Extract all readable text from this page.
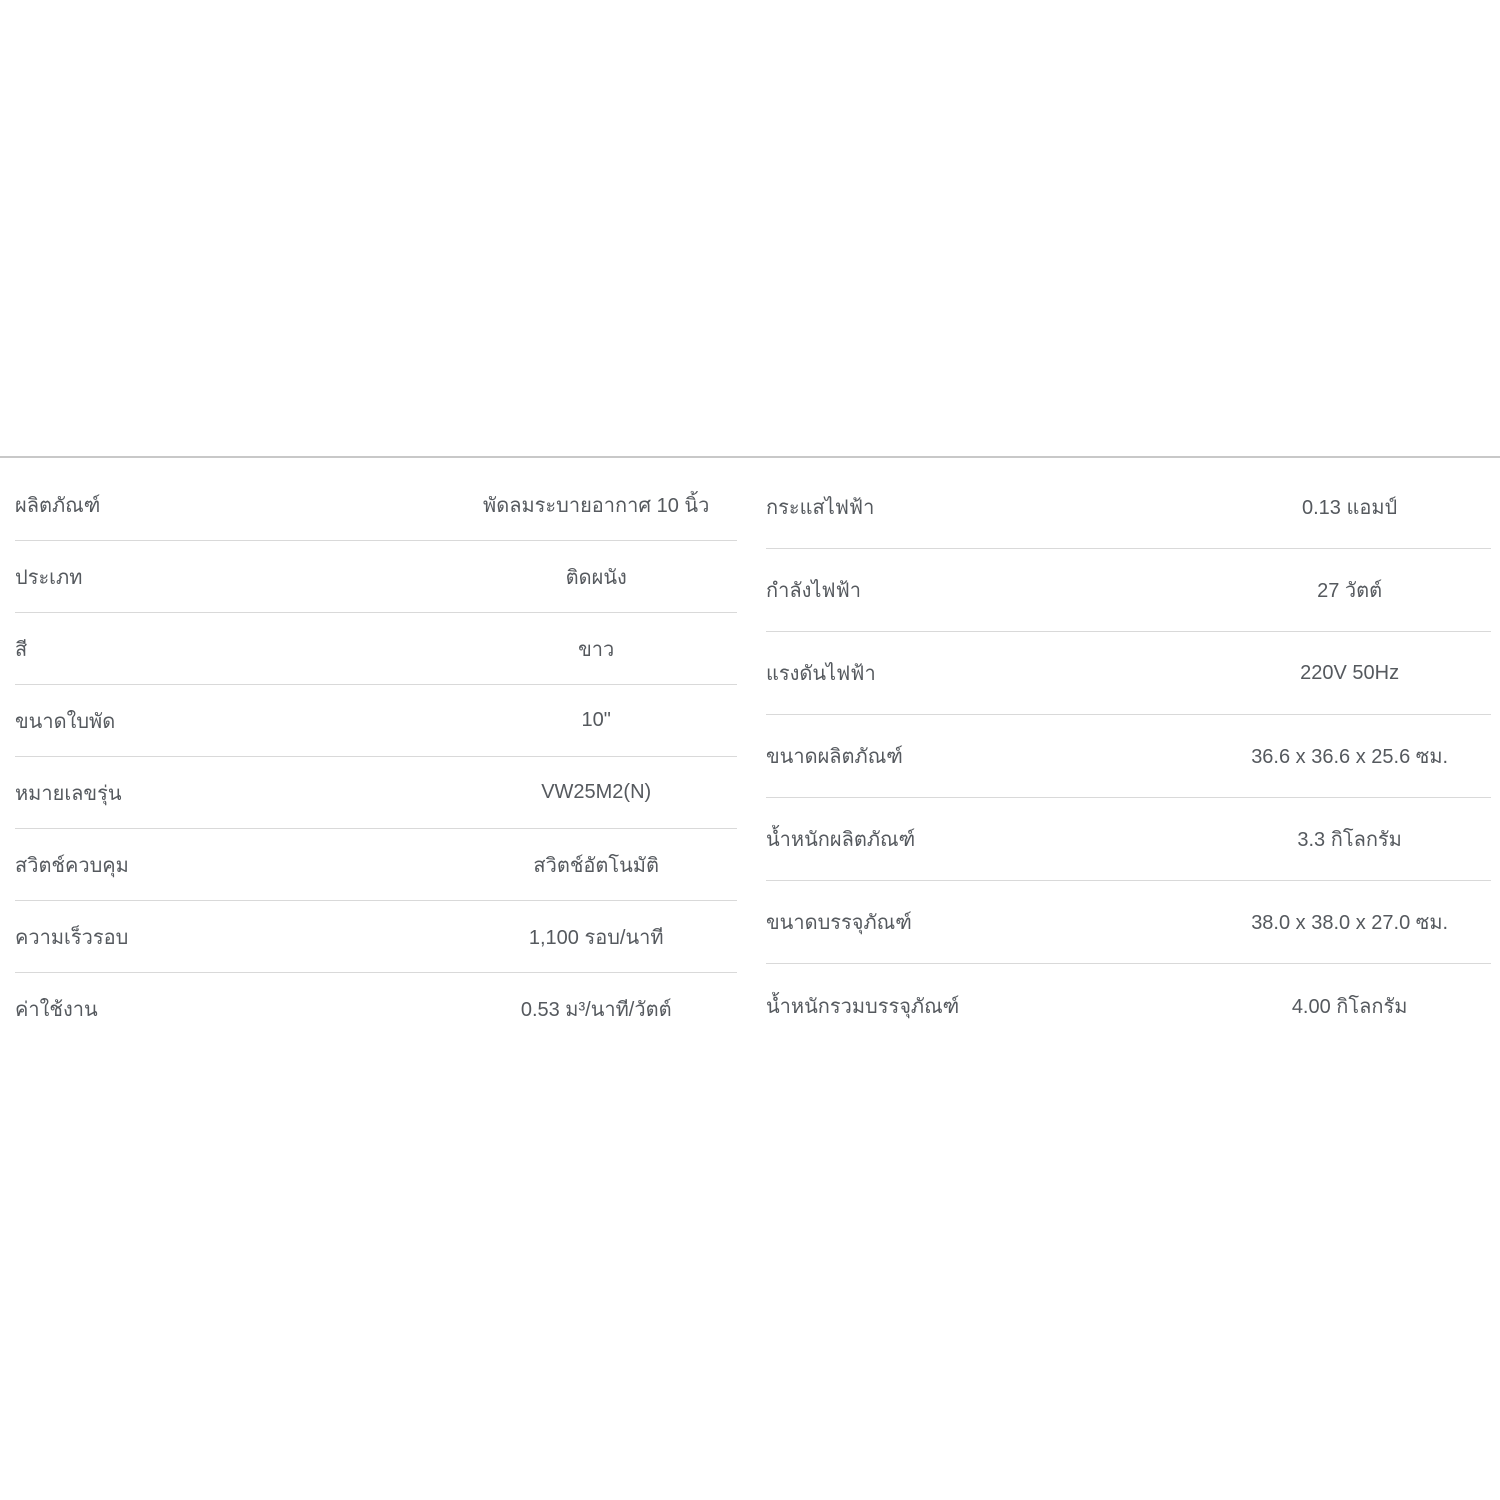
ผลิตภัณฑ์	พัดลมระบายอากาศ 10 นิ้ว
ประเภท	ติดผนัง
สี	ขาว
ขนาดใบพัด	10"
หมายเลขรุ่น	VW25M2(N)
สวิตช์ควบคุม	สวิตช์อัตโนมัติ
ความเร็วรอบ	1,100 รอบ/นาที
ค่าใช้งาน	0.53 ม³/นาที/วัตต์
กระแสไฟฟ้า	0.13 แอมป์
กำลังไฟฟ้า	27 วัตต์
แรงดันไฟฟ้า	220V 50Hz
ขนาดผลิตภัณฑ์	36.6 x 36.6 x 25.6 ซม.
น้ำหนักผลิตภัณฑ์	3.3 กิโลกรัม
ขนาดบรรจุภัณฑ์	38.0 x 38.0 x 27.0 ซม.
น้ำหนักรวมบรรจุภัณฑ์	4.00 กิโลกรัม
